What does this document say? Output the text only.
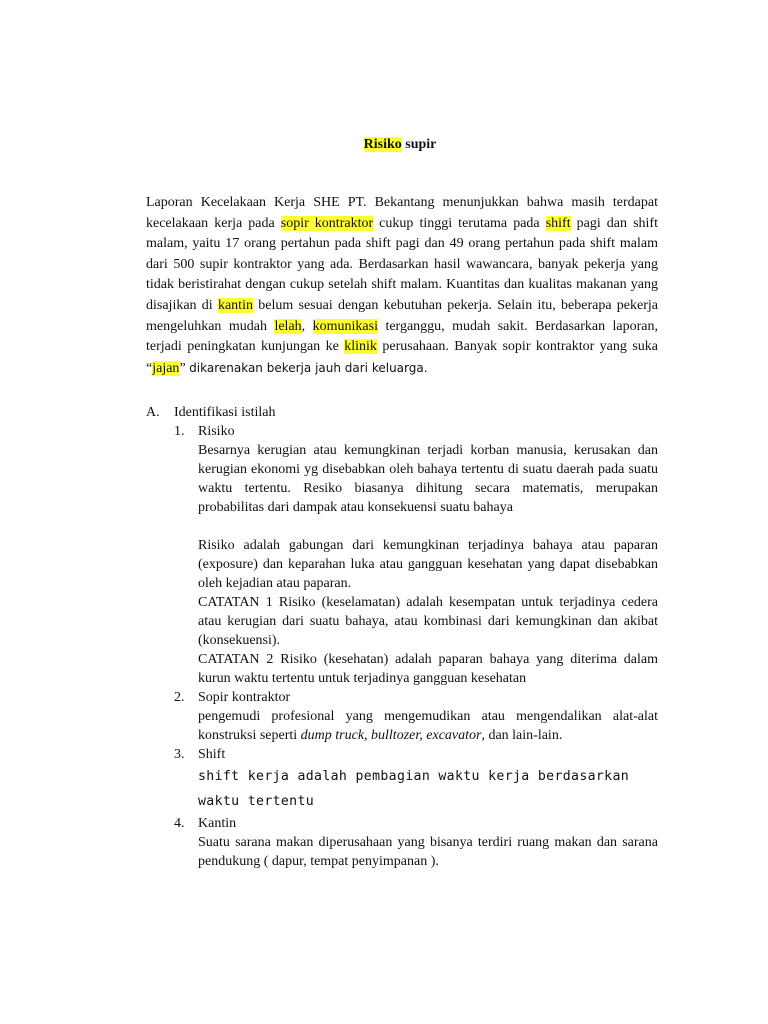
Risiko supir

Laporan Kecelakaan Kerja SHE PT. Bekantang menunjukkan bahwa masih terdapat kecelakaan kerja pada sopir kontraktor cukup tinggi terutama pada shift pagi dan shift malam, yaitu 17 orang pertahun pada shift pagi dan 49 orang pertahun pada shift malam dari 500 supir kontraktor yang ada. Berdasarkan hasil wawancara, banyak pekerja yang tidak beristirahat dengan cukup setelah shift malam. Kuantitas dan kualitas makanan yang disajikan di kantin belum sesuai dengan kebutuhan pekerja. Selain itu, beberapa pekerja mengeluhkan mudah lelah, komunikasi terganggu, mudah sakit. Berdasarkan laporan, terjadi peningkatan kunjungan ke klinik perusahaan. Banyak sopir kontraktor yang suka “jajan” dikarenakan bekerja jauh dari keluarga.

A.	Identifikasi istilah
1. Risiko

Besarnya kerugian atau kemungkinan terjadi korban manusia, kerusakan dan kerugian ekonomi yg disebabkan oleh bahaya tertentu di suatu daerah pada suatu waktu tertentu. Resiko biasanya dihitung secara matematis, merupakan probabilitas dari dampak atau konsekuensi suatu bahaya

Risiko adalah gabungan dari kemungkinan terjadinya bahaya atau paparan (exposure) dan keparahan luka atau gangguan kesehatan yang dapat disebabkan oleh kejadian atau paparan.

CATATAN 1 Risiko (keselamatan) adalah kesempatan untuk terjadinya cedera atau kerugian dari suatu bahaya, atau kombinasi dari kemungkinan dan akibat (konsekuensi).

CATATAN 2 Risiko (kesehatan) adalah paparan bahaya yang diterima dalam kurun waktu tertentu untuk terjadinya gangguan kesehatan

2. Sopir kontraktor

pengemudi profesional yang mengemudikan atau mengendalikan alat-alat konstruksi seperti dump truck, bulltozer, excavator, dan lain-lain.

3. Shift

shift kerja adalah pembagian waktu kerja berdasarkan waktu tertentu

4. Kantin

Suatu sarana makan diperusahaan yang bisanya terdiri ruang makan dan sarana pendukung ( dapur, tempat penyimpanan ).
